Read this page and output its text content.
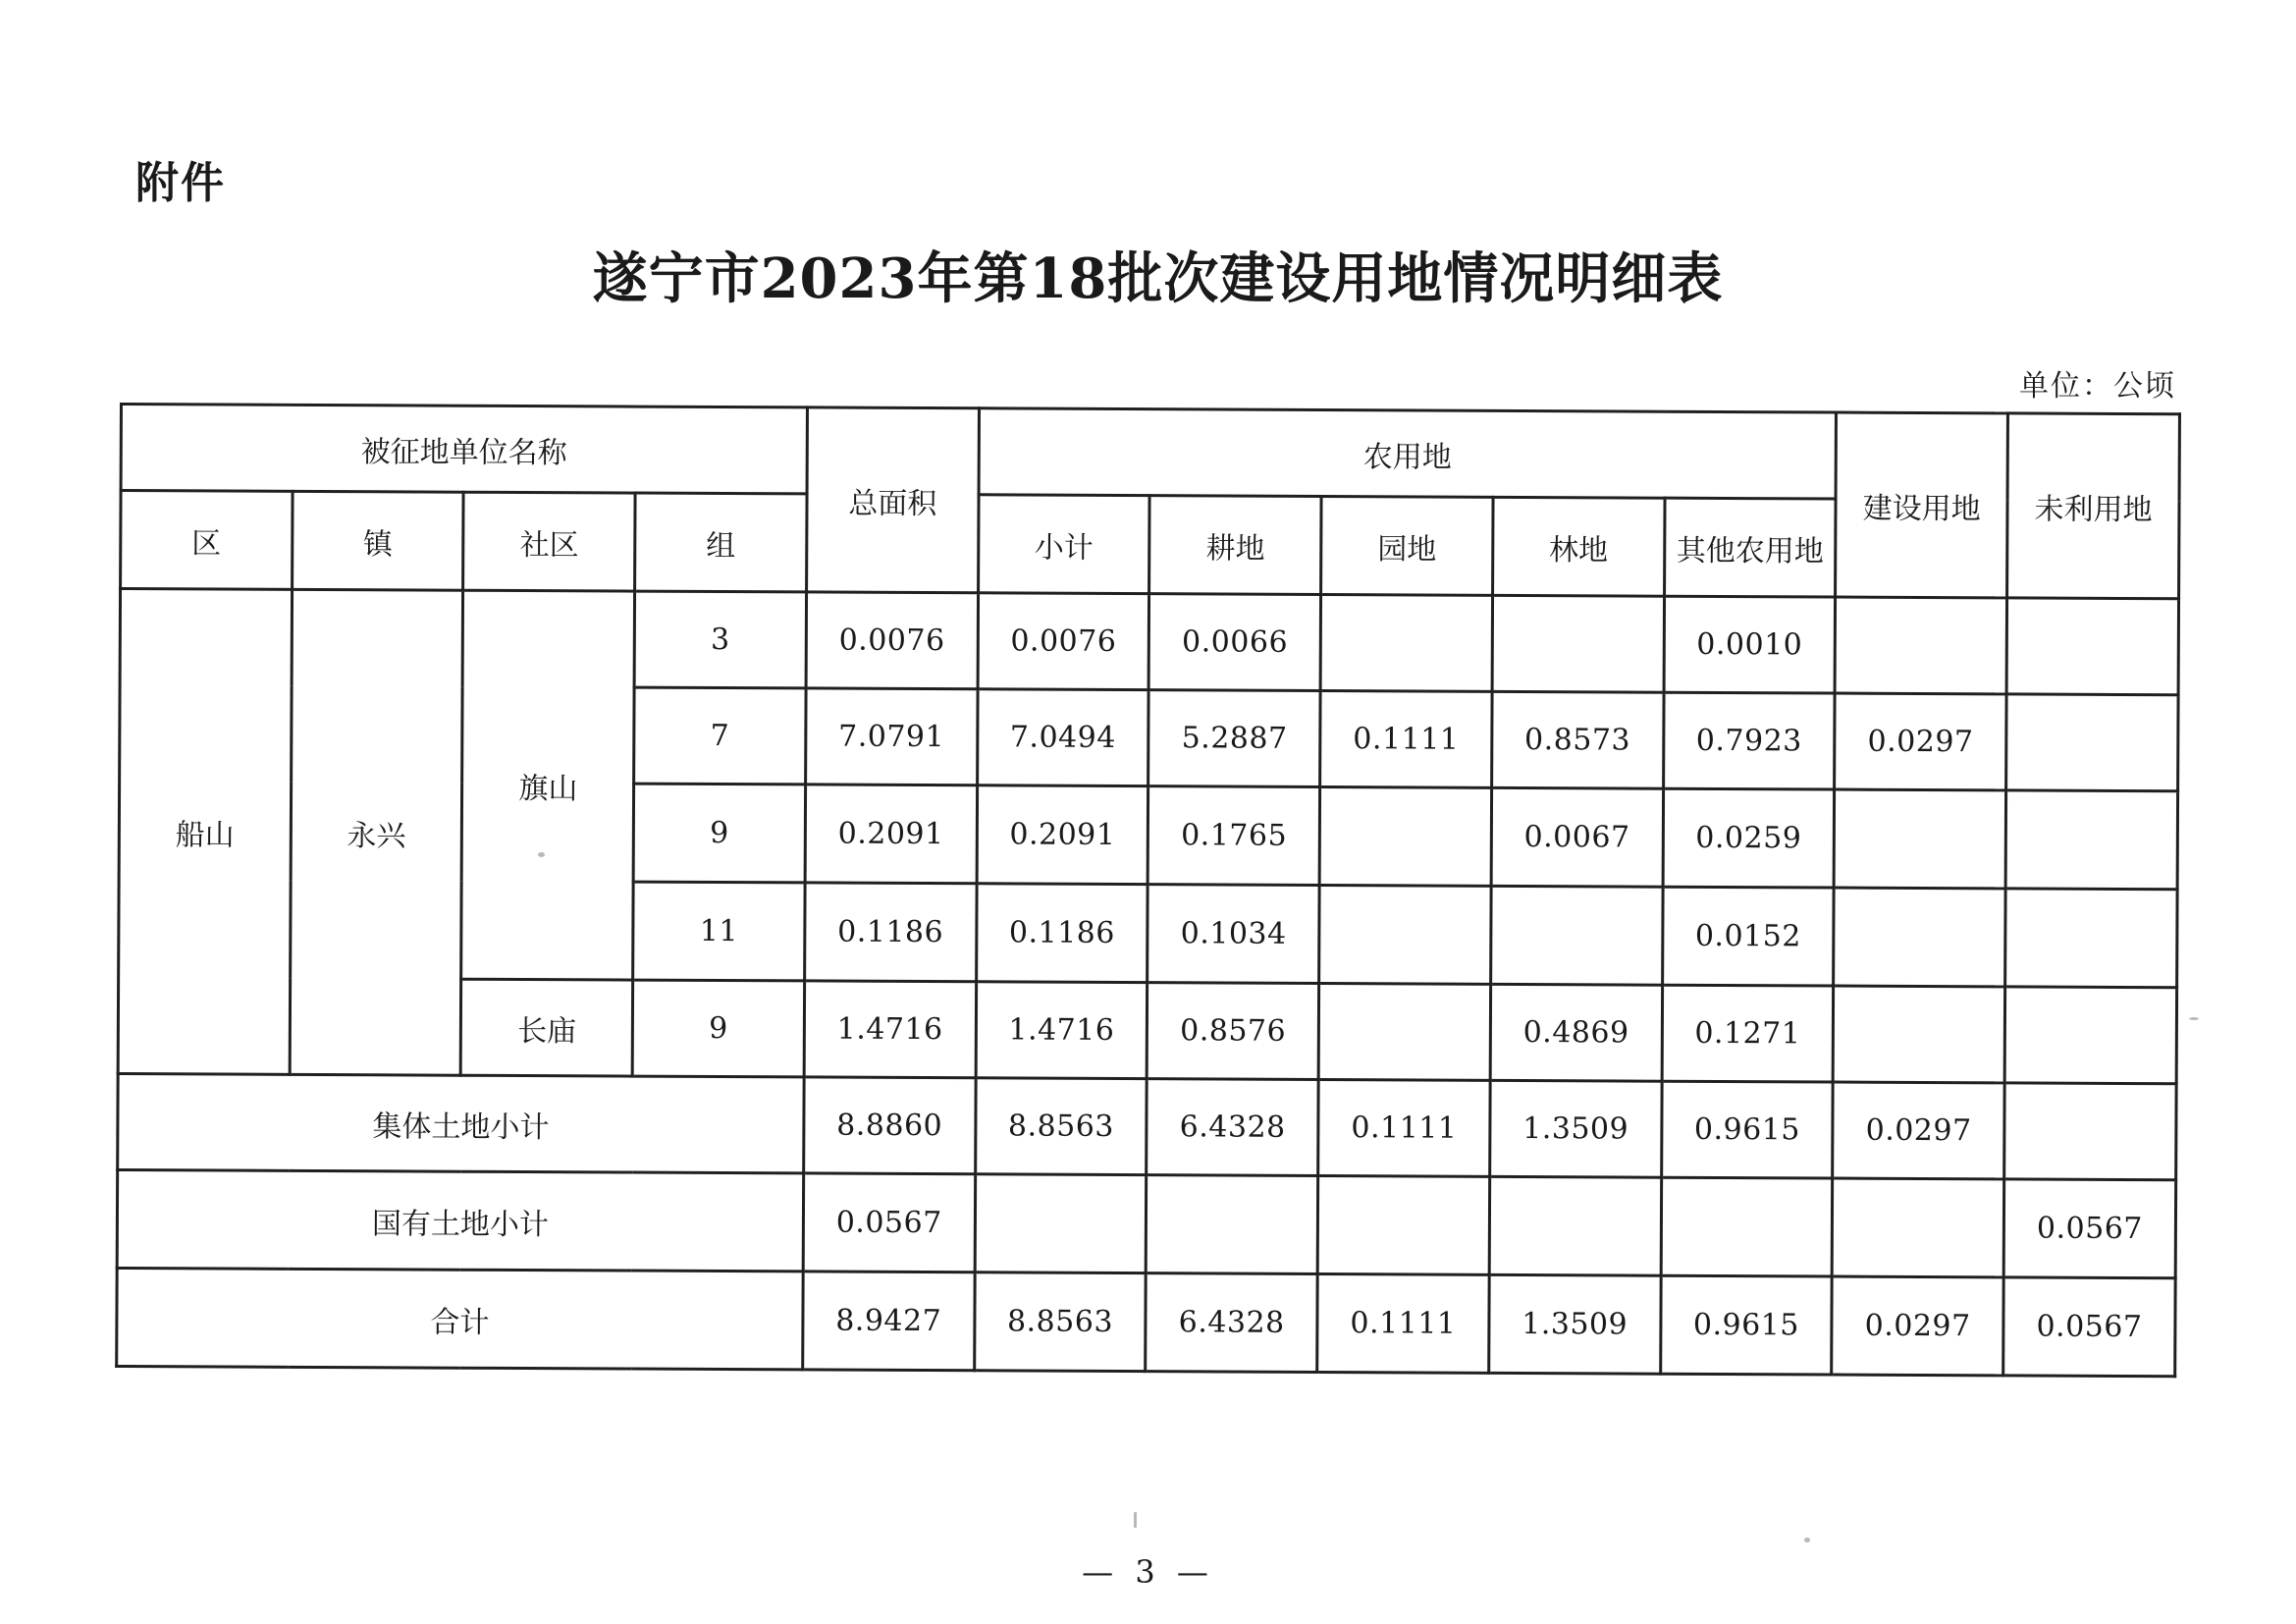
附件
遂宁市2023年第18批次建设用地情况明细表
单位：公顷
被征地单位名称				总面积	农用地					建设用地	未利用地
区	镇	社区	组		小计	耕地	园地	林地	其他农用地		
船山	永兴	旗山	3	0.0076	0.0076	0.0066			0.0010		
			7	7.0791	7.0494	5.2887	0.1111	0.8573	0.7923	0.0297	
			9	0.2091	0.2091	0.1765		0.0067	0.0259		
			11	0.1186	0.1186	0.1034			0.0152		
		长庙	9	1.4716	1.4716	0.8576		0.4869	0.1271		
集体土地小计				8.8860	8.8563	6.4328	0.1111	1.3509	0.9615	0.0297	
国有土地小计				0.0567							0.0567
合计				8.9427	8.8563	6.4328	0.1111	1.3509	0.9615	0.0297	0.0567
— 3 —
